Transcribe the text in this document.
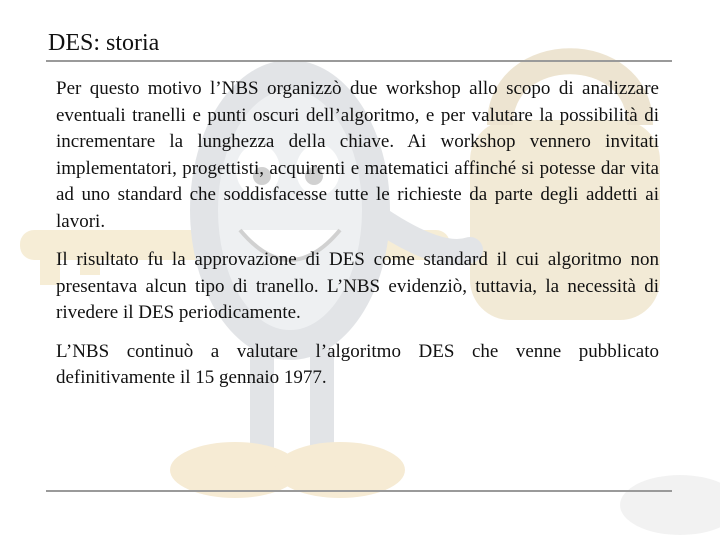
DES: storia

Per questo motivo l’NBS organizzò due workshop allo scopo di analizzare eventuali tranelli e punti oscuri dell’algoritmo, e per valutare la possibilità di incrementare la lunghezza della chiave. Ai workshop vennero invitati implementatori, progettisti, acquirenti e matematici affinché si potesse dar vita ad uno standard che soddisfacesse tutte le richieste da parte degli addetti ai lavori.

Il risultato fu la approvazione di DES come standard il cui algoritmo non presentava alcun tipo di tranello. L’NBS evidenziò, tuttavia, la necessità di rivedere il DES periodicamente.

L’NBS continuò a valutare l’algoritmo DES che venne pubblicato definitivamente il 15 gennaio 1977.
